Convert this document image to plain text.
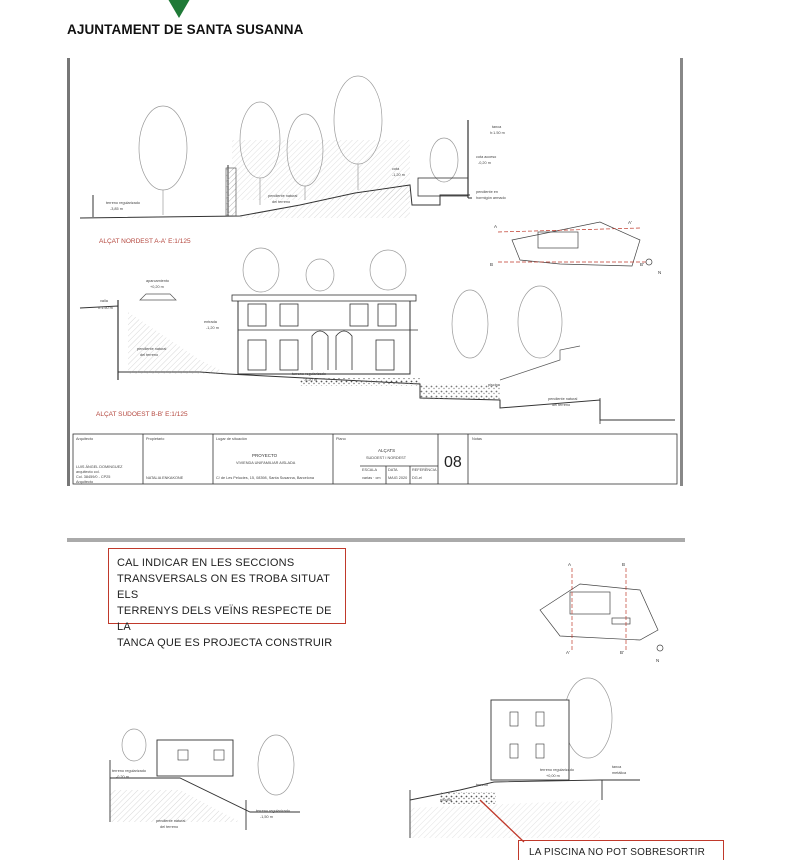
AJUNTAMENT DE SANTA SUSANNA
terreno regularizado
-3,85 m
pendiente natural
del terreno
cota
-1,20 m
cota acceso
-0,20 m
tanca
h:1.50 m
pendiente en
hormigón armado
ALÇAT NORDEST A-A' E:1/125
A
A'
B	B'
N
aparcamiento
+0,20 m
valla
h:1.50 m
entrada
-1,20 m
pendiente natural
del terreno
terreno regularizado
-6,20 m
piscina
pendiente natural
del terreno
ALÇAT SUDOEST B-B' E:1/125
Arquitecto
LUIS ÁNGEL DOMINGUEZ
arquitecto col.
Col. 38459/0 - CP25
Arquitecto
Propietario
NATALIA ENKAKONE
Lugar de situación
PROYECTO
VIVIENDA UNIFAMILIAR AISLADA
C/ de Les Pelucies, 15, 08398, Santa Susanna, Barcelona
Plano
ALÇATS
SUDOEST I NORDEST
ESCALA
varias · cm
DATA
MAIG 2020
REFERÈNCIA
DG-el
08
Notas
A	B
A'	B'
N
terreno regularizado
-0,20 m
pendiente natural
del terreno
terreno regularizado
-1,50 m
terreno regularizado
+0,00 m
tanca
metálica
piscina
terreno
CAL INDICAR EN LES SECCIONS
TRANSVERSALS ON ES TROBA SITUAT ELS
TERRENYS DELS VEÏNS RESPECTE DE LA
TANCA QUE ES PROJECTA CONSTRUIR
LA PISCINA NO POT SOBRESORTIR
